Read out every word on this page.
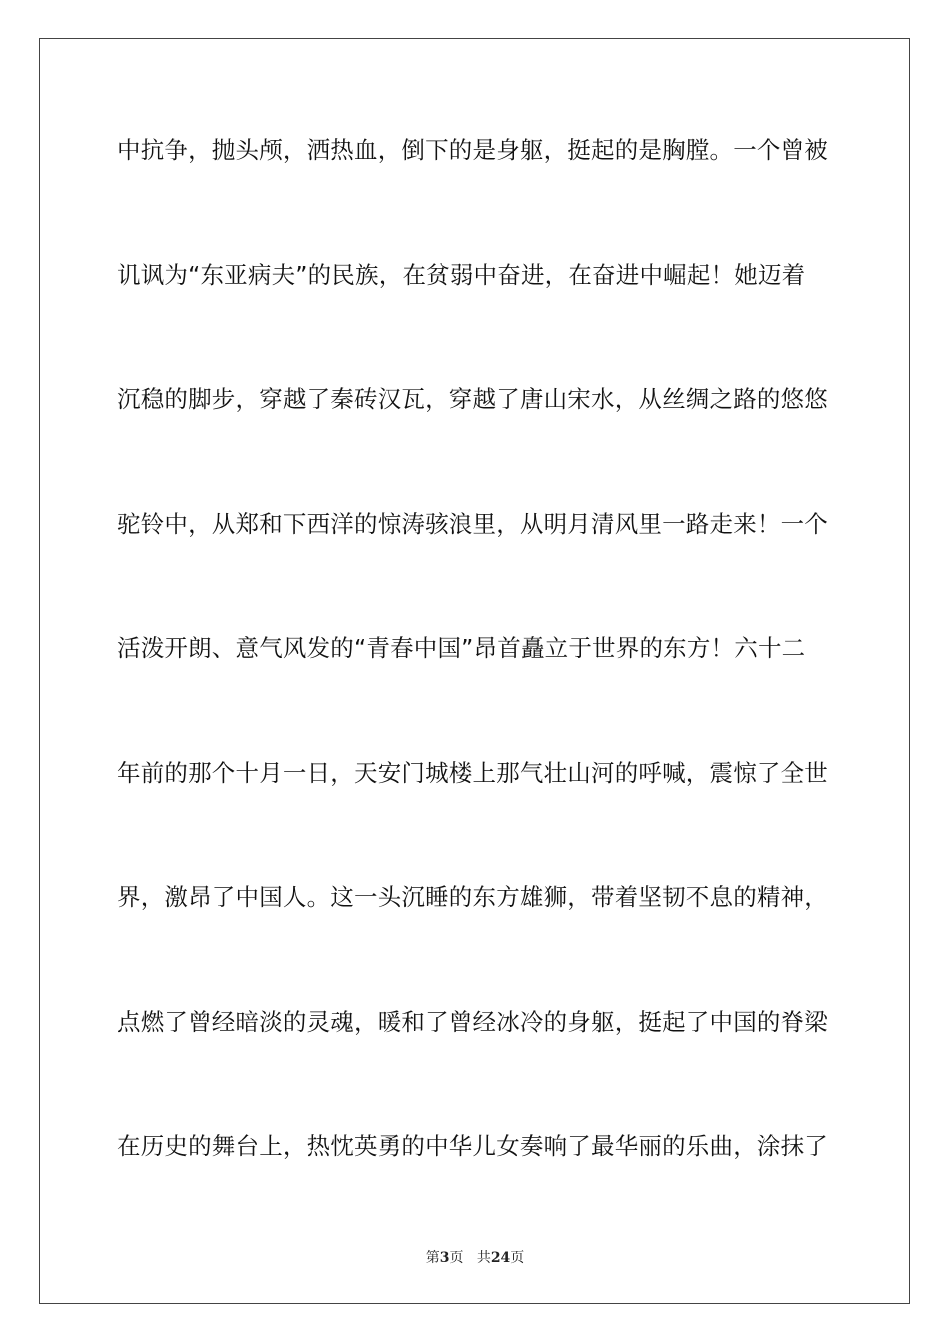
中抗争，抛头颅，洒热血，倒下的是身躯，挺起的是胸膛。一个曾被
讥讽为“东亚病夫”的民族，在贫弱中奋进，在奋进中崛起！她迈着
沉稳的脚步，穿越了秦砖汉瓦，穿越了唐山宋水，从丝绸之路的悠悠
驼铃中，从郑和下西洋的惊涛骇浪里，从明月清风里一路走来！一个
活泼开朗、意气风发的“青春中国”昂首矗立于世界的东方！六十二
年前的那个十月一日，天安门城楼上那气壮山河的呼喊，震惊了全世
界，激昂了中国人。这一头沉睡的东方雄狮，带着坚韧不息的精神，
点燃了曾经暗淡的灵魂，暖和了曾经冰冷的身躯，挺起了中国的脊梁
在历史的舞台上，热忱英勇的中华儿女奏响了最华丽的乐曲，涂抹了
第3页 共24页
